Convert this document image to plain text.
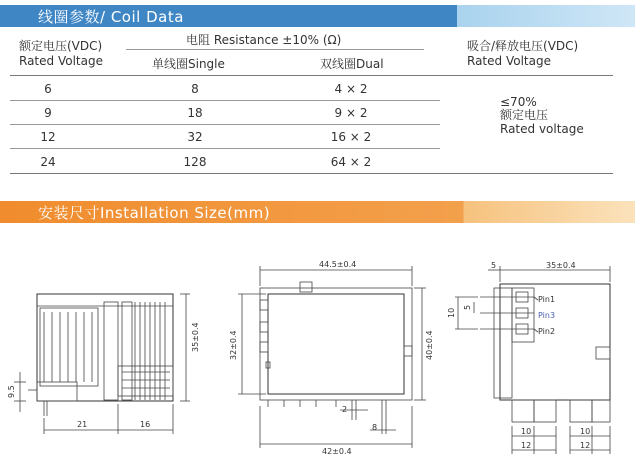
线圈参数/ Coil Data
额定电压(VDC)
Rated Voltage
电阻 Resistance ±10% (Ω)
单线圈Single	双线圈Dual
吸合/释放电压(VDC)
Rated Voltage
6	8	4 × 2
9	18	9 × 2
12	32	16 × 2
24	128	64 × 2
≤70%
额定电压
Rated voltage
安装尺寸Installation Size(mm)
35±0.4
9.5
21	16
44.5±0.4
32±0.4	40±0.4
2
8
42±0.4
5	35±0.4
10
5
Pin1
Pin3
Pin2
10	10
12	12
